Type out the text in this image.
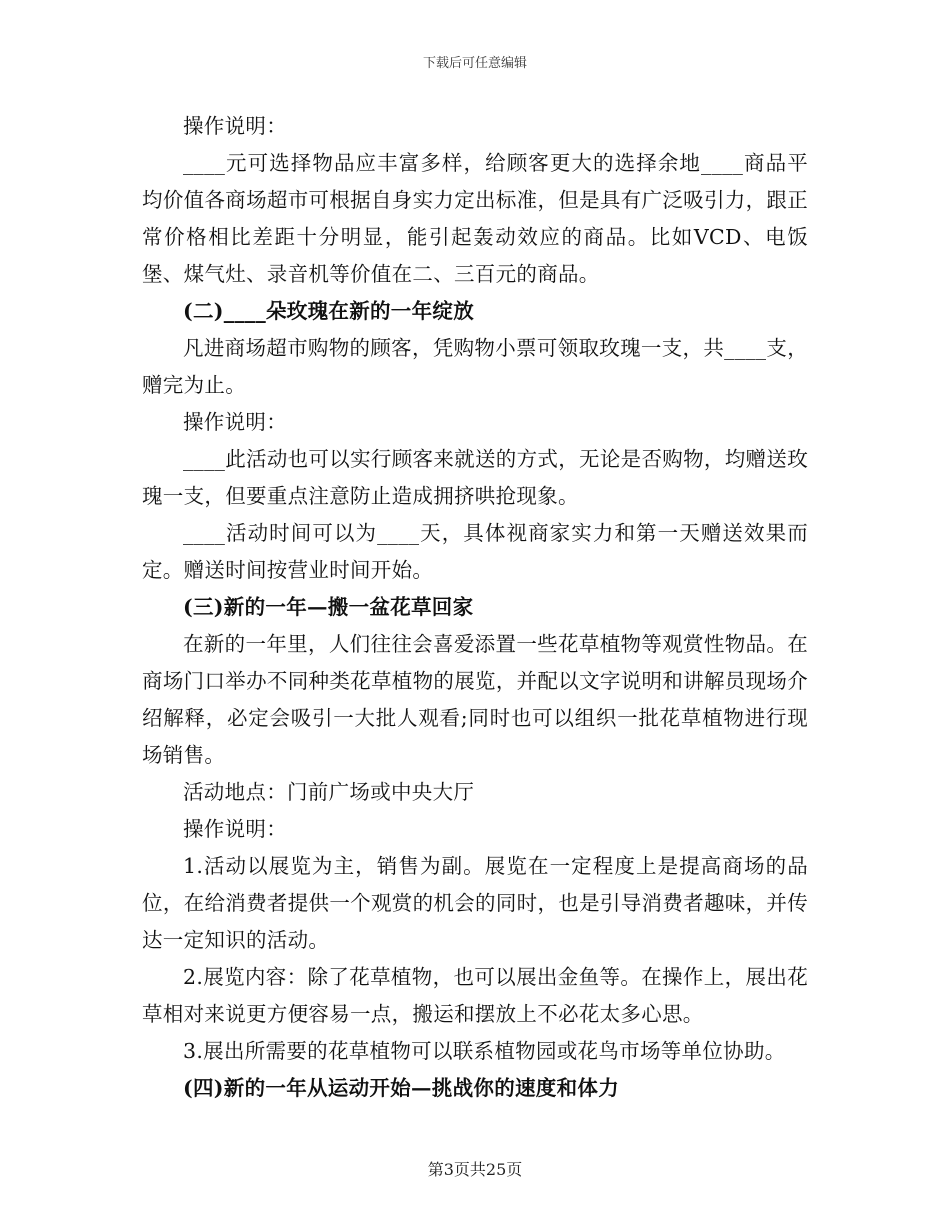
下载后可任意编辑

操作说明：

____元可选择物品应丰富多样，给顾客更大的选择余地____商品平均价值各商场超市可根据自身实力定出标准，但是具有广泛吸引力，跟正常价格相比差距十分明显，能引起轰动效应的商品。比如VCD、电饭堡、煤气灶、录音机等价值在二、三百元的商品。

(二)____朵玫瑰在新的一年绽放

凡进商场超市购物的顾客，凭购物小票可领取玫瑰一支，共____支，赠完为止。

操作说明：

____此活动也可以实行顾客来就送的方式，无论是否购物，均赠送玫瑰一支，但要重点注意防止造成拥挤哄抢现象。

____活动时间可以为____天，具体视商家实力和第一天赠送效果而定。赠送时间按营业时间开始。

(三)新的一年—搬一盆花草回家

在新的一年里，人们往往会喜爱添置一些花草植物等观赏性物品。在商场门口举办不同种类花草植物的展览，并配以文字说明和讲解员现场介绍解释，必定会吸引一大批人观看;同时也可以组织一批花草植物进行现场销售。

活动地点：门前广场或中央大厅

操作说明：

1.活动以展览为主，销售为副。展览在一定程度上是提高商场的品位，在给消费者提供一个观赏的机会的同时，也是引导消费者趣味，并传达一定知识的活动。

2.展览内容：除了花草植物，也可以展出金鱼等。在操作上，展出花草相对来说更方便容易一点，搬运和摆放上不必花太多心思。

3.展出所需要的花草植物可以联系植物园或花鸟市场等单位协助。

(四)新的一年从运动开始—挑战你的速度和体力

第3页共25页
